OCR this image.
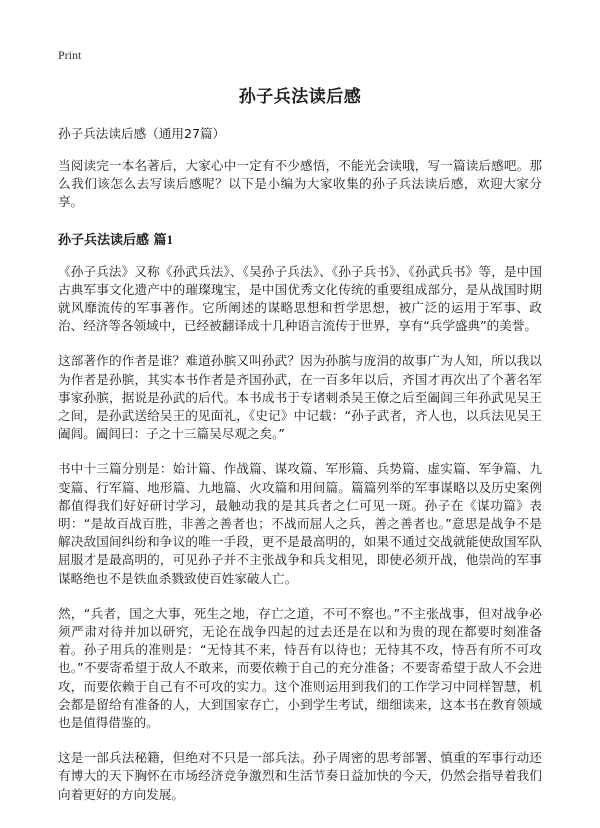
Print
孙子兵法读后感

孙子兵法读后感（通用27篇）

当阅读完一本名著后，大家心中一定有不少感悟，不能光会读哦，写一篇读后感吧。那么我们该怎么去写读后感呢？以下是小编为大家收集的孙子兵法读后感，欢迎大家分享。

孙子兵法读后感 篇1

《孙子兵法》又称《孙武兵法》、《吴孙子兵法》、《孙子兵书》、《孙武兵书》等，是中国古典军事文化遗产中的璀璨瑰宝，是中国优秀文化传统的重要组成部分，是从战国时期就风靡流传的军事著作。它所阐述的谋略思想和哲学思想，被广泛的运用于军事、政治、经济等各领域中，已经被翻译成十几种语言流传于世界，享有“兵学盛典”的美誉。

这部著作的作者是谁？难道孙膑又叫孙武？因为孙膑与庞涓的故事广为人知，所以我以为作者是孙膑，其实本书作者是齐国孙武，在一百多年以后，齐国才再次出了个著名军事家孙膑，据说是孙武的后代。本书成书于专诸刺杀吴王僚之后至阖闾三年孙武见吴王之间，是孙武送给吴王的见面礼，《史记》中记载：“孙子武者，齐人也，以兵法见吴王阖闾。阖闾曰：子之十三篇吴尽观之矣。”

书中十三篇分别是：始计篇、作战篇、谋攻篇、军形篇、兵势篇、虚实篇、军争篇、九变篇、行军篇、地形篇、九地篇、火攻篇和用间篇。篇篇列举的军事谋略以及历史案例都值得我们好好研讨学习，最触动我的是其兵者之仁可见一斑。孙子在《谋功篇》表明：“是故百战百胜，非善之善者也；不战而屈人之兵，善之善者也。”意思是战争不是解决敌国间纠纷和争议的唯一手段，更不是最高明的，如果不通过交战就能使敌国军队屈服才是最高明的，可见孙子并不主张战争和兵戈相见，即使必须开战，他崇尚的军事谋略绝也不是铁血杀戮致使百姓家破人亡。

然，“兵者，国之大事，死生之地，存亡之道，不可不察也。”不主张战事，但对战争必须严肃对待并加以研究，无论在战争四起的过去还是在以和为贵的现在都要时刻准备着。孙子用兵的准则是：“无恃其不来，恃吾有以待也；无恃其不攻，恃吾有所不可攻也。”不要寄希望于敌人不敢来，而要依赖于自己的充分准备；不要寄希望于敌人不会进攻，而要依赖于自己有不可攻的实力。这个准则运用到我们的工作学习中同样智慧，机会都是留给有准备的人，大到国家存亡，小到学生考试，细细读来，这本书在教育领域也是值得借鉴的。

这是一部兵法秘籍，但绝对不只是一部兵法。孙子周密的思考部署、慎重的军事行动还有博大的天下胸怀在市场经济竞争激烈和生活节奏日益加快的今天，仍然会指导着我们向着更好的方向发展。
